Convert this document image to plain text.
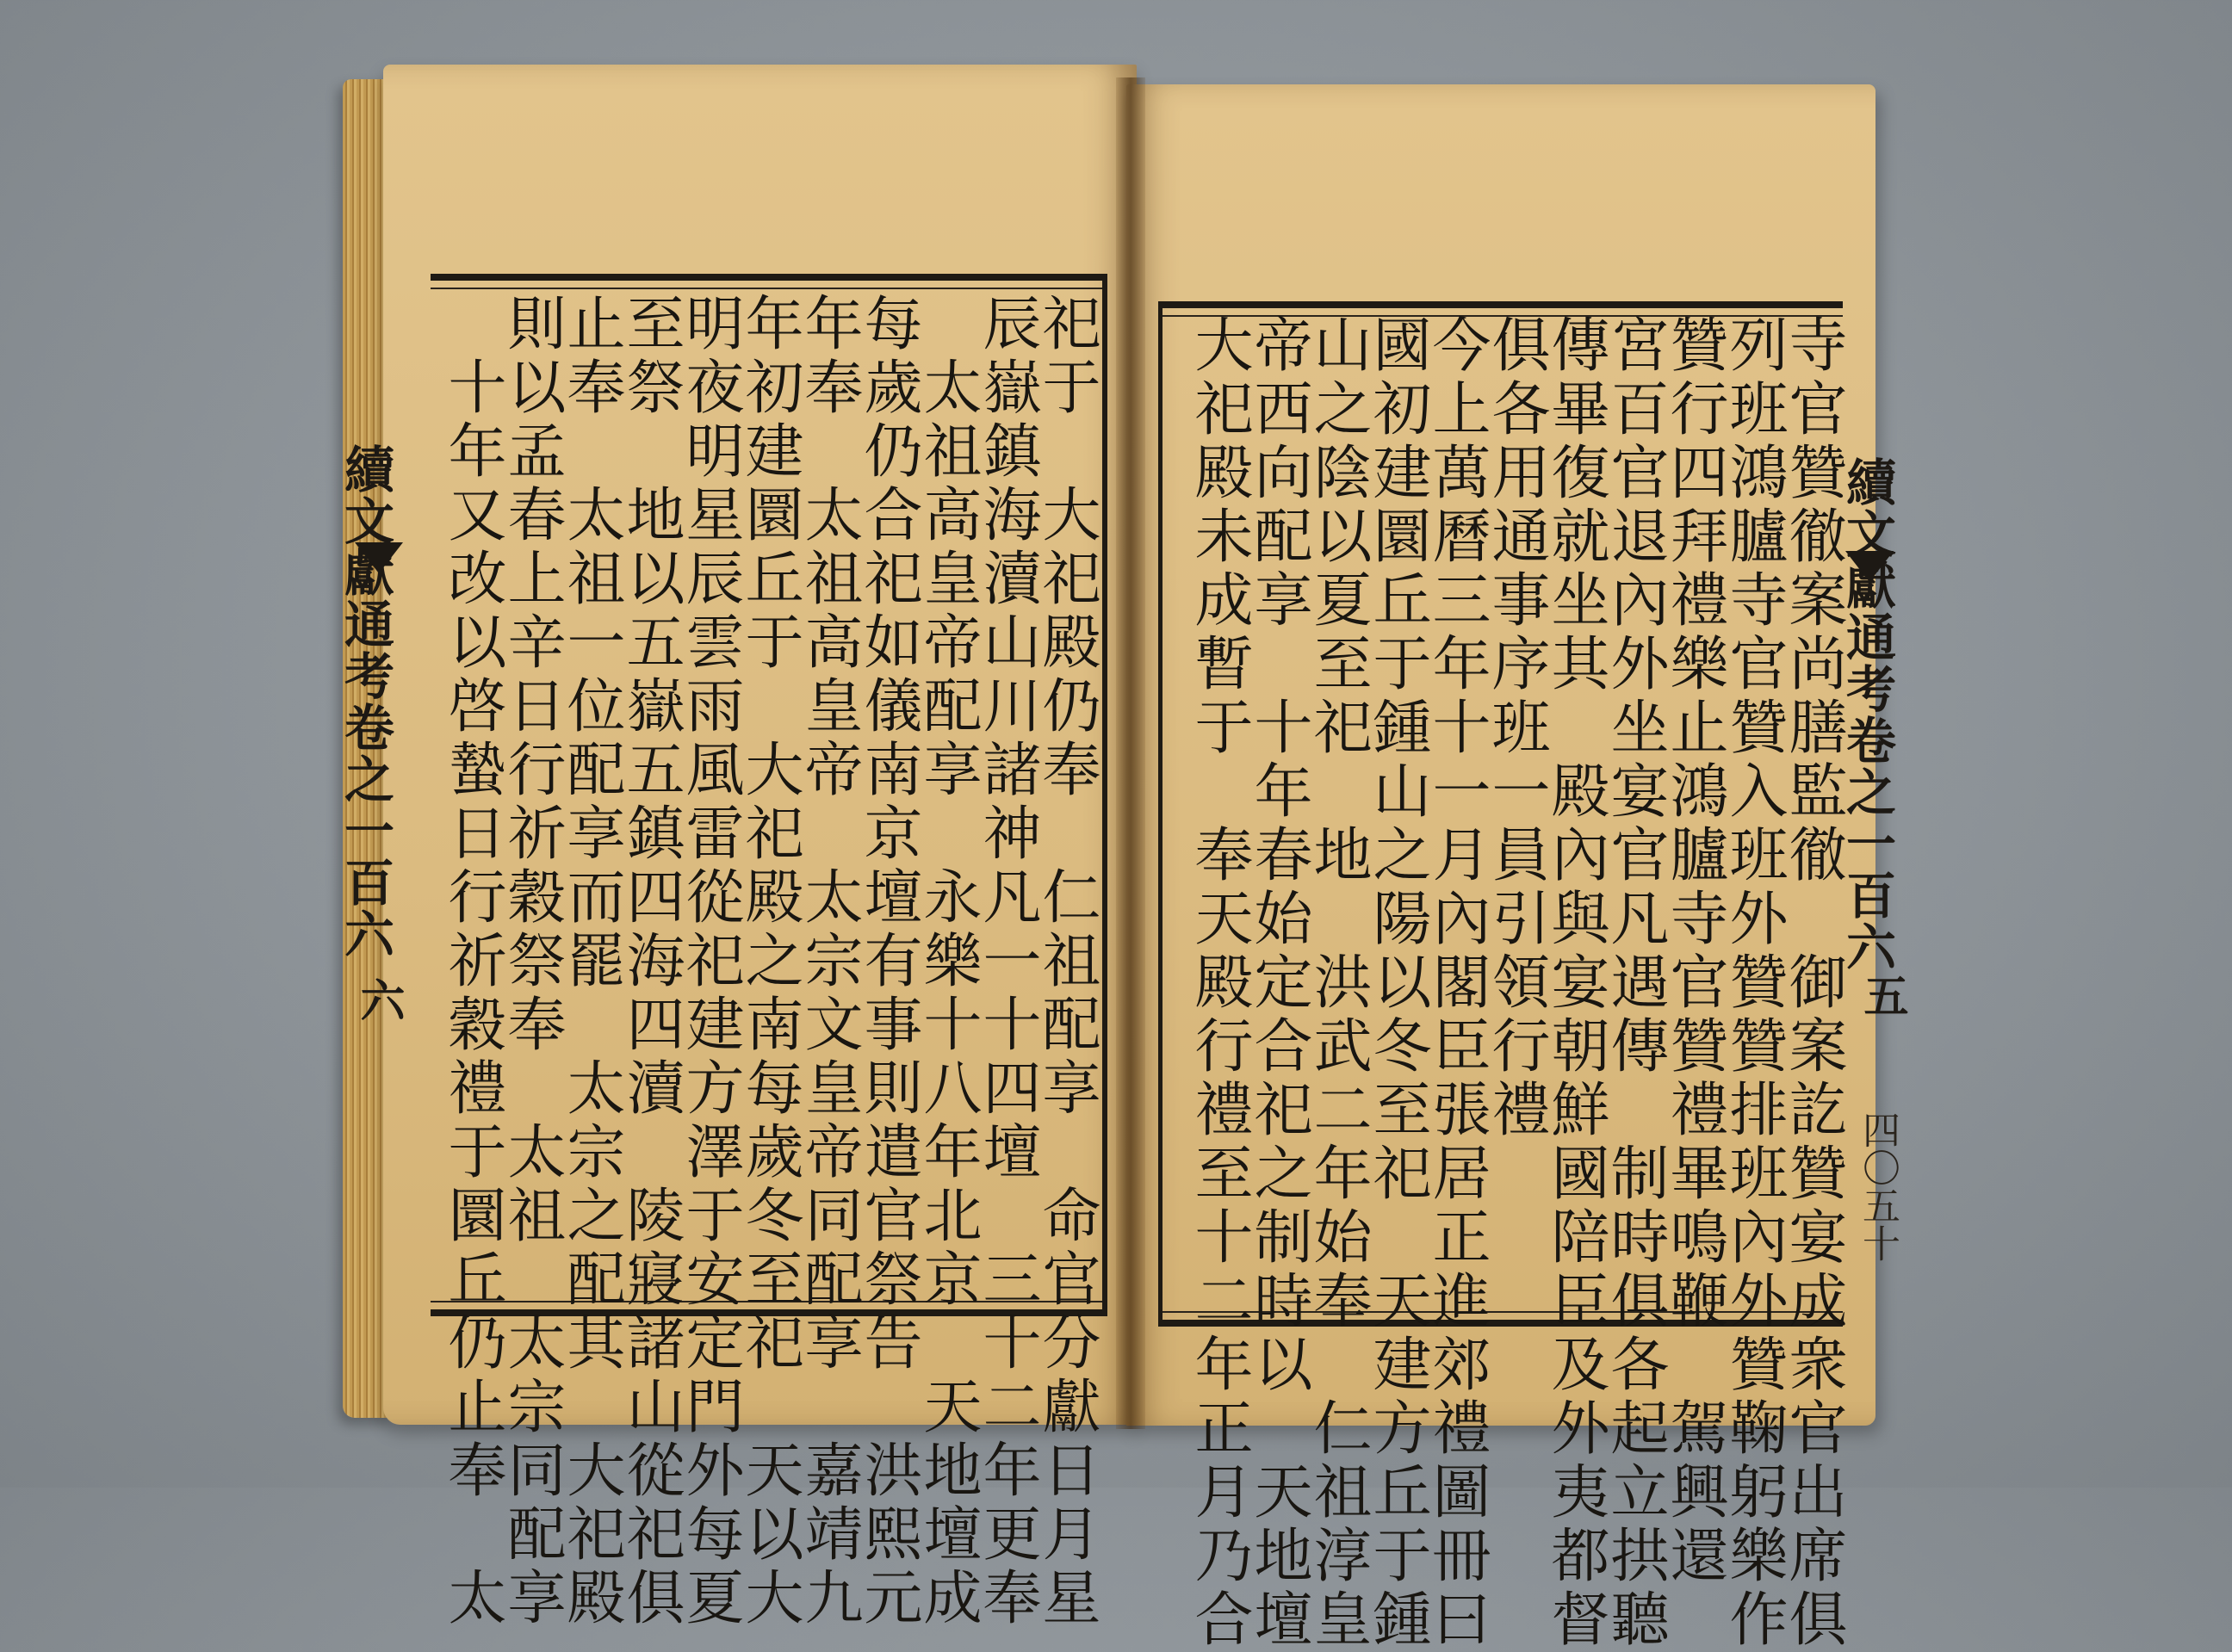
續文獻通考卷之一百六
六
續文獻通考卷之一百六
五
四〇五十
祀于　大祀殿仍奉　仁祖配享　命官分獻日月星
辰嶽鎮海瀆山川諸神凡一十四壇　三十二年更奉
　太祖高皇帝配享　永樂十八年北京　天地壇成
每歲仍合祀如儀南京壇有事則遣官祭告　洪熙元
年奉　太祖高皇帝　太宗文皇帝同配享　嘉靖九
年初建圜丘于　大祀殿之南每歲冬至祀　天以大
明夜明星辰雲雨風雷從祀建方澤于安定門外每夏
至祭　地以五嶽五鎮四海四瀆　陵寢諸山從祀俱
止奉　太祖一位配享而罷　太宗之配其　大祀殿
則以孟春上辛日行祈穀祭奉　太祖　太宗同配享
　十年又改以啓蟄日行祈穀禮于圜丘仍止奉　太	寺官贊徹案尚膳監徹　御案訖贊宴成衆官出席俱
列班鴻臚寺官贊入班外贊贊排班內外贊鞠躬樂作
贊行四拜禮樂止鴻臚寺官贊禮畢鳴鞭　駕興還
宮百官退內外坐宴官凡遇傳　制時俱各起立拱聽
傳畢復就坐其　殿內與宴朝鮮國陪臣及外夷都督
俱各用通事序班一員引領行禮
今上萬曆三年十一月內閣臣張居正進郊禮圖冊曰
國初建圜丘于鍾山之陽以冬至祀　天建方丘于鍾
山之陰以夏至祀　地　洪武二年始奉　仁祖淳皇
帝西向配享　十年春始定合祀之制時以　天地壇
大祀殿未成暫于　奉天殿行禮至十二年正月乃合
